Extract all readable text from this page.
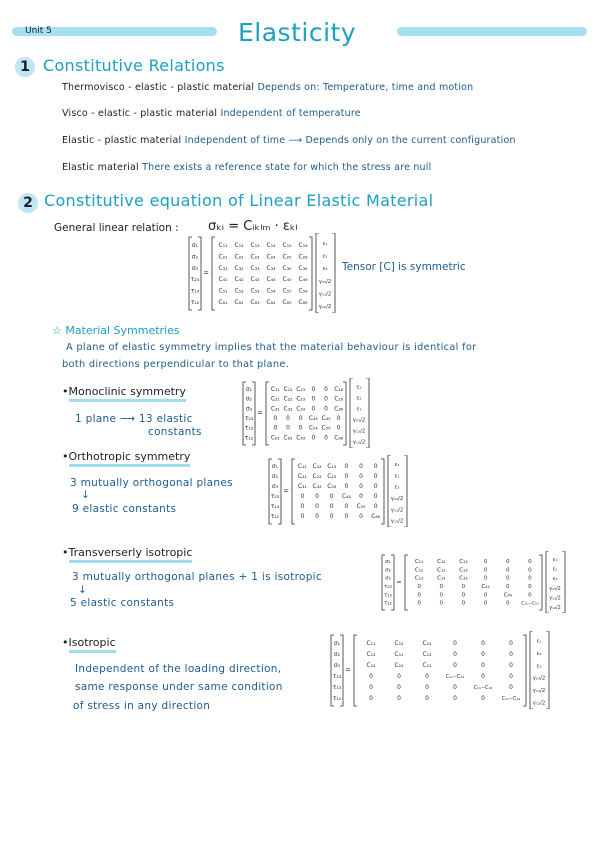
Unit 5	Elasticity
1 Constitutive Relations
Thermovisco - elastic - plastic material Depends on: Temperature, time and motion
Visco - elastic - plastic material Independent of temperature
Elastic - plastic material Independent of time ⟶ Depends only on the current configuration
Elastic material There exists a reference state for which the stress are null
2 Constitutive equation of Linear Elastic Material
General linear relation : σₖᵢ = Cᵢₖₗₘ · εₖₗ
σ₁
σ₂
σ₃
τ₂₃
τ₁₃
τ₁₂
=
C₁₁ C₁₂ C₁₃ C₁₄ C₁₅ C₁₆
C₂₁ C₂₂ C₂₃ C₂₄ C₂₅ C₂₆
C₃₁ C₃₂ C₃₃ C₃₄ C₃₅ C₃₆
C₄₁ C₄₂ C₄₃ C₄₄ C₄₅ C₄₆
C₅₁ C₅₂ C₅₃ C₅₄ C₅₅ C₅₆
C₆₁ C₆₂ C₆₃ C₆₄ C₆₅ C₆₆
ε₁
ε₂
ε₃
γ₂₃/2
γ₁₃/2
γ₁₂/2
Tensor [C] is symmetric
☆ Material Symmetries
A plane of elastic symmetry implies that the material behaviour is identical for
both directions perpendicular to that plane.
•Monoclinic symmetry
1 plane ⟶ 13 elastic
constants
σ₁
σ₂
σ₃
τ₂₃
τ₁₃
τ₁₂
=
C₁₁ C₁₂ C₁₃ 0 0 C₁₆
C₂₁ C₂₂ C₂₃ 0 0 C₂₆
C₃₁ C₃₂ C₃₃ 0 0 C₃₆
0 0 0 C₄₄ C₄₅ 0
0 0 0 C₅₄ C₅₅ 0
C₆₁ C₆₂ C₆₃ 0 0 C₆₆
ε₁
ε₂
ε₃
γ₂₃/2
γ₁₃/2
γ₁₂/2
•Orthotropic symmetry
3 mutually orthogonal planes
↓
9 elastic constants
σ₁
σ₂
σ₃
τ₂₃
τ₁₃
τ₁₂
=
C₁₁ C₁₂ C₁₃ 0 0 0
C₂₁ C₂₂ C₂₃ 0 0 0
C₃₁ C₃₂ C₃₃ 0 0 0
0 0 0 C₄₄ 0 0
0 0 0 0 C₅₅ 0
0 0 0 0 0 C₆₆
ε₁
ε₂
ε₃
γ₂₃/2
γ₁₃/2
γ₁₂/2
•Transverserly isotropic
3 mutually orthogonal planes + 1 is isotropic
↓
5 elastic constants
σ₁
σ₂
σ₃
τ₂₃
τ₁₃
τ₁₂
=
C₁₁	C₁₂	C₁₃	0	0	0
C₁₂	C₁₁	C₁₃	0	0	0
C₁₃	C₁₃	C₃₃	0	0	0
0	0	0	C₄₄	0	0
0	0	0	0	C₄₄	0
0	0	0	0	0	C₁₁−C₁₂
ε₁
ε₂
ε₃
γ₂₃/2
γ₁₃/2
γ₁₂/2
•Isotropic
Independent of the loading direction,
same response under same condition
of stress in any direction
σ₁
σ₂
σ₃
τ₂₃
τ₁₃
τ₁₂
=
C₁₁	C₁₂	C₁₂	0	0	0
C₁₂	C₁₁	C₁₂	0	0	0
C₁₂	C₁₂	C₁₁	0	0	0
0	0	0	C₁₁−C₁₂	0	0
0	0	0	0	C₁₁−C₁₂	0
0	0	0	0	0	C₁₁−C₁₂
ε₁
ε₂
ε₃
γ₂₃/2
γ₁₃/2
γ₁₂/2
